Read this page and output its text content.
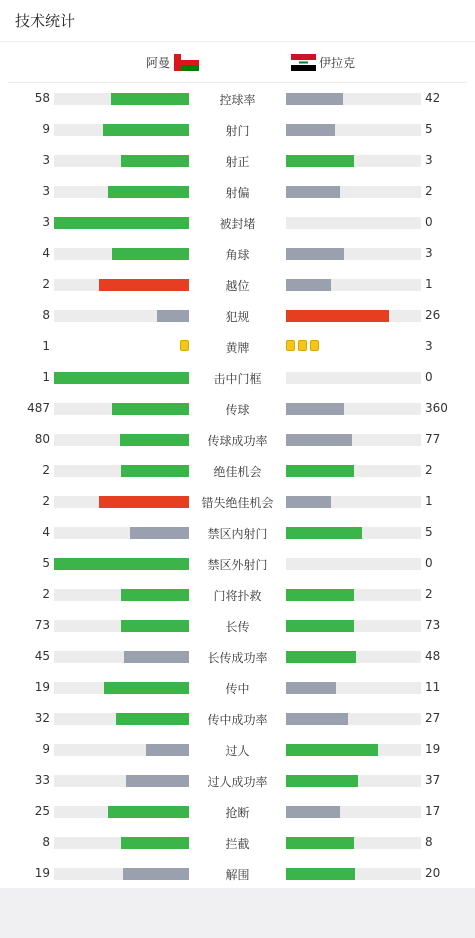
技术统计
阿曼	伊拉克
58	控球率	42
9	射门	5
3	射正	3
3	射偏	2
3	被封堵	0
4	角球	3
2	越位	1
8	犯规	26
1	黄牌	3
1	击中门框	0
487	传球	360
80	传球成功率	77
2	绝佳机会	2
2	错失绝佳机会	1
4	禁区内射门	5
5	禁区外射门	0
2	门将扑救	2
73	长传	73
45	长传成功率	48
19	传中	11
32	传中成功率	27
9	过人	19
33	过人成功率	37
25	抢断	17
8	拦截	8
19	解围	20
